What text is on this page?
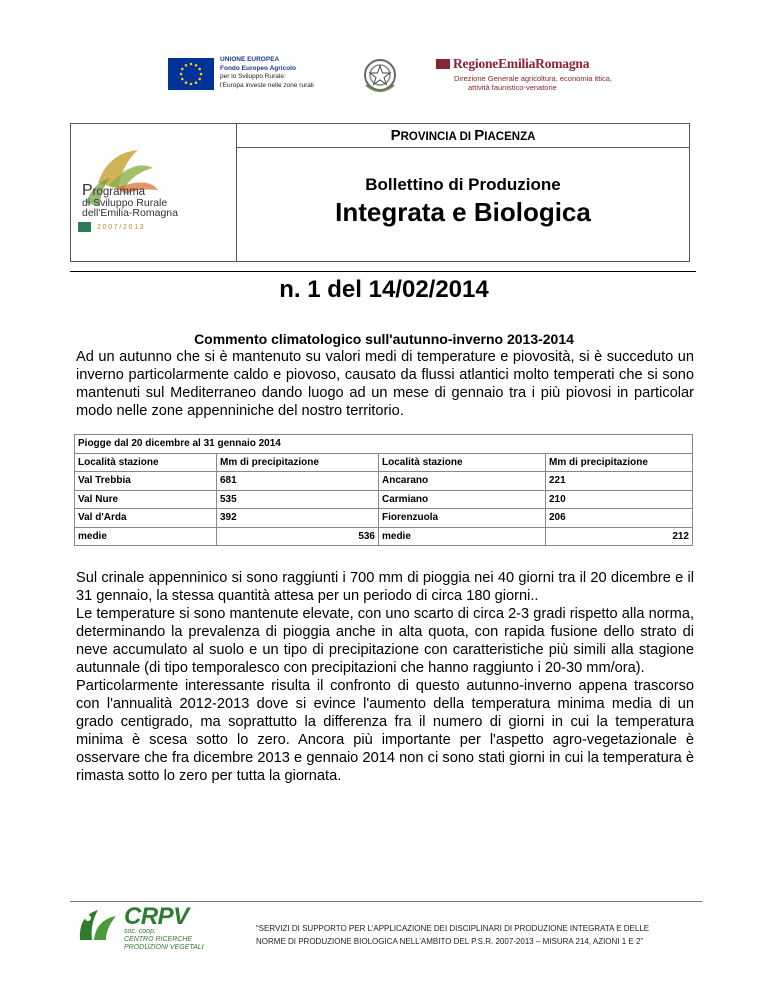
UNIONE EUROPEA
Fondo Europeo Agricolo
per lo Sviluppo Rurale:
l'Europa investe nelle zone rurali
RegioneEmiliaRomagna
Direzione Generale agricoltura, economia ittica,
attività faunistico-venatorie
Programma
di Sviluppo Rurale
dell'Emilia-Romagna
2007/2013
PROVINCIA DI PIACENZA
Bollettino di Produzione
Integrata e Biologica
n. 1 del 14/02/2014
Commento climatologico sull'autunno-inverno 2013-2014
Ad un autunno che si è mantenuto su valori medi di temperature e piovosità, si è succeduto un inverno particolarmente caldo e piovoso, causato da flussi atlantici molto temperati che si sono mantenuti sul Mediterraneo dando luogo ad un mese di gennaio tra i più piovosi in particolar modo nelle zone appenniniche del nostro territorio.
Piogge dal 20 dicembre al 31 gennaio 2014			
Località stazione	Mm di precipitazione	Località stazione	Mm di precipitazione
Val Trebbia	681	Ancarano	221
Val Nure	535	Carmiano	210
Val d'Arda	392	Fiorenzuola	206
medie	536	medie	212
Sul crinale appenninico si sono raggiunti i 700 mm di pioggia nei 40 giorni tra il 20 dicembre e il 31 gennaio, la stessa quantità attesa per un periodo di circa 180 giorni..
Le temperature si sono mantenute elevate, con uno scarto di circa 2-3 gradi rispetto alla norma, determinando la prevalenza di pioggia anche in alta quota, con rapida fusione dello strato di neve accumulato al suolo e un tipo di precipitazione con caratteristiche più simili alla stagione autunnale (di tipo temporalesco con precipitazioni che hanno raggiunto i 20-30 mm/ora).
Particolarmente interessante risulta il confronto di questo autunno-inverno appena trascorso con l'annualità 2012-2013 dove si evince l'aumento della temperatura minima media di un grado centigrado, ma soprattutto la differenza fra il numero di giorni in cui la temperatura minima è scesa sotto lo zero. Ancora più importante per l'aspetto agro-vegetazionale è osservare che fra dicembre 2013 e gennaio 2014 non ci sono stati giorni in cui la temperatura è rimasta sotto lo zero per tutta la giornata.
CRPV
soc. coop.
CENTRO RICERCHE
PRODUZIONI VEGETALI
“SERVIZI DI SUPPORTO PER L’APPLICAZIONE DEI DISCIPLINARI DI PRODUZIONE INTEGRATA E DELLE
NORME DI PRODUZIONE BIOLOGICA NELL’AMBITO DEL P.S.R. 2007-2013 – MISURA 214, AZIONI 1 E 2”
